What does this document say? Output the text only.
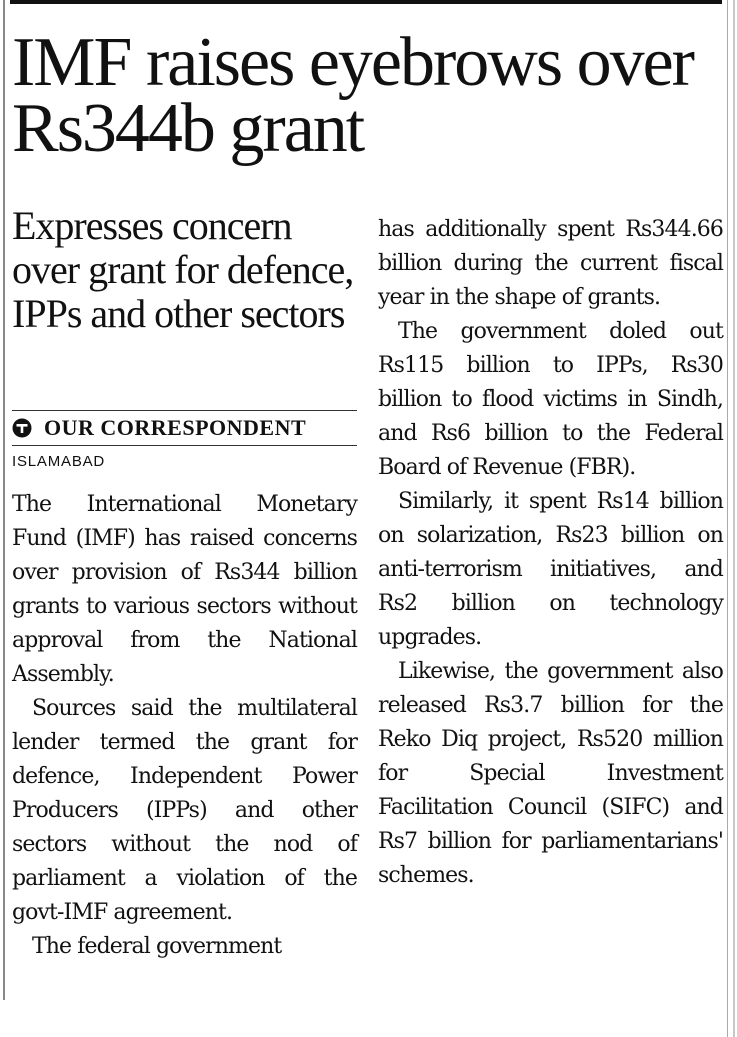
IMF raises eyebrows over Rs344b grant
Expresses concern over grant for defence, IPPs and other sectors
OUR CORRESPONDENT
ISLAMABAD

The International Monetary Fund (IMF) has raised concerns over provision of Rs344 billion grants to various sectors without approval from the National Assembly.

Sources said the multilateral lender termed the grant for defence, Independent Power Producers (IPPs) and other sectors without the nod of parliament a violation of the govt-IMF agreement.

The federal government

has additionally spent Rs344.66 billion during the current fiscal year in the shape of grants.

The government doled out Rs115 billion to IPPs, Rs30 billion to flood victims in Sindh, and Rs6 billion to the Federal Board of Revenue (FBR).

Similarly, it spent Rs14 billion on solarization, Rs23 billion on anti-terrorism initiatives, and Rs2 billion on technology upgrades.

Likewise, the government also released Rs3.7 billion for the Reko Diq project, Rs520 million for Special Investment Facilitation Council (SIFC) and Rs7 billion for parliamentarians' schemes.
